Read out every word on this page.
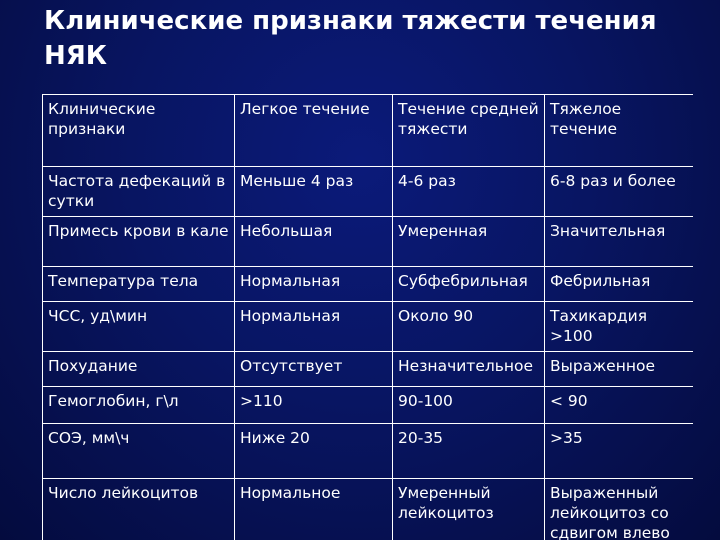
Клинические признаки тяжести течения НЯК
Клинические признаки	Легкое течение	Течение средней тяжести	Тяжелое течение
Частота дефекаций в сутки	Меньше 4 раз	4-6 раз	6-8 раз и более
Примесь крови в кале	Небольшая	Умеренная	Значительная
Температура тела	Нормальная	Субфебрильная	Фебрильная
ЧСС, уд\мин	Нормальная	Около 90	Тахикардия >100
Похудание	Отсутствует	Незначительное	Выраженное
Гемоглобин, г\л	>110	90-100	< 90
СОЭ, мм\ч	Ниже 20	20-35	>35
Число лейкоцитов	Нормальное	Умеренный лейкоцитоз	Выраженный лейкоцитоз со сдвигом влево
